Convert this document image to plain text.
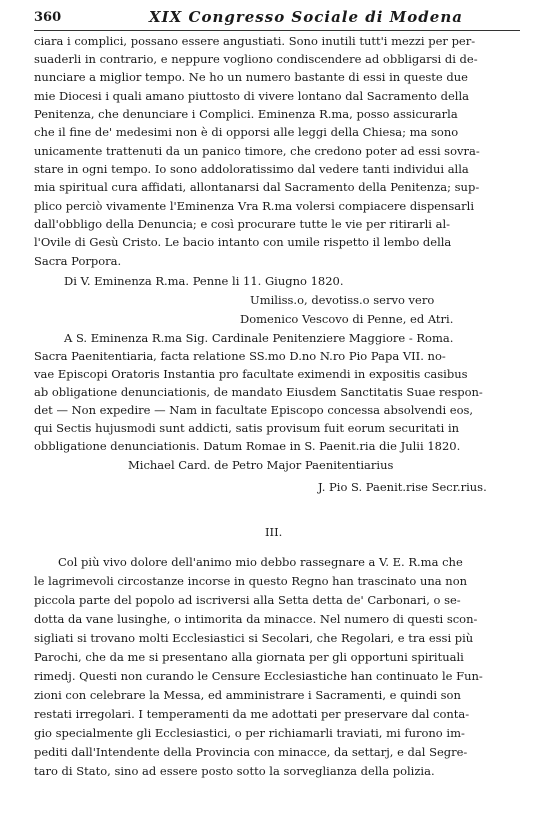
360	XIX Congresso Sociale di Modena
ciara i complici, possano essere angustiati. Sono inutili tutt'i mezzi per per-
suaderli in contrario, e neppure vogliono condiscendere ad obbligarsi di de-
nunciare a miglior tempo. Ne ho un numero bastante di essi in queste due
mie Diocesi i quali amano piuttosto di vivere lontano dal Sacramento della
Penitenza, che denunciare i Complici. Eminenza R.ma, posso assicurarla
che il fine de' medesimi non è di opporsi alle leggi della Chiesa; ma sono
unicamente trattenuti da un panico timore, che credono poter ad essi sovra-
stare in ogni tempo. Io sono addoloratissimo dal vedere tanti individui alla
mia spiritual cura affidati, allontanarsi dal Sacramento della Penitenza; sup-
plico perciò vivamente l'Eminenza Vra R.ma volersi compiacere dispensarli
dall'obbligo della Denuncia; e così procurare tutte le vie per ritirarli al-
l'Ovile di Gesù Cristo. Le bacio intanto con umile rispetto il lembo della
Sacra Porpora.
Di V. Eminenza R.ma. Penne li 11. Giugno 1820.
Umiliss.o, devotiss.o servo vero
Domenico Vescovo di Penne, ed Atri.
A S. Eminenza R.ma Sig. Cardinale Penitenziere Maggiore - Roma.
Sacra Paenitentiaria, facta relatione SS.mo D.no N.ro Pio Papa VII. no-
vae Episcopi Oratoris Instantia pro facultate eximendi in expositis casibus
ab obligatione denunciationis, de mandato Eiusdem Sanctitatis Suae respon-
det — Non expedire — Nam in facultate Episcopo concessa absolvendi eos,
qui Sectis hujusmodi sunt addicti, satis provisum fuit eorum securitati in
obbligatione denunciationis. Datum Romae in S. Paenit.ria die Julii 1820.
Michael Card. de Petro Major Paenitentiarius
J. Pio S. Paenit.rise Secr.rius.
III.
Col più vivo dolore dell'animo mio debbo rassegnare a V. E. R.ma che
le lagrimevoli circostanze incorse in questo Regno han trascinato una non
piccola parte del popolo ad iscriversi alla Setta detta de' Carbonari, o se-
dotta da vane lusinghe, o intimorita da minacce. Nel numero di questi scon-
sigliati si trovano molti Ecclesiastici si Secolari, che Regolari, e tra essi più
Parochi, che da me si presentano alla giornata per gli opportuni spirituali
rimedj. Questi non curando le Censure Ecclesiastiche han continuato le Fun-
zioni con celebrare la Messa, ed amministrare i Sacramenti, e quindi son
restati irregolari. I temperamenti da me adottati per preservare dal conta-
gio specialmente gli Ecclesiastici, o per richiamarli traviati, mi furono im-
pediti dall'Intendente della Provincia con minacce, da settarj, e dal Segre-
taro di Stato, sino ad essere posto sotto la sorveglianza della polizia.
